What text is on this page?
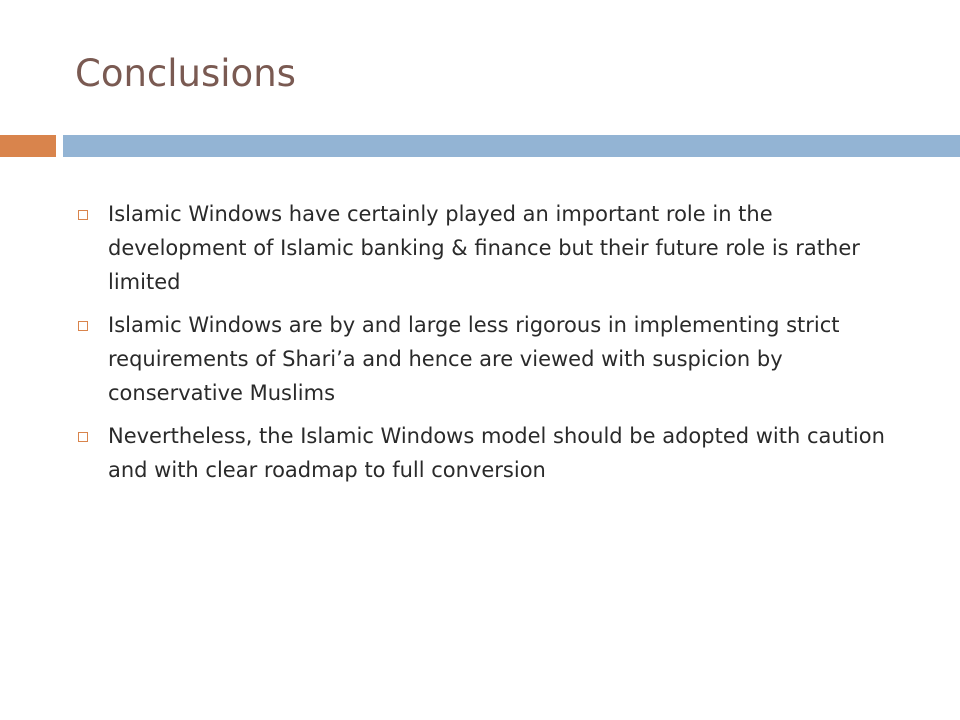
Conclusions
Islamic Windows have certainly played an important role in the development of Islamic banking & finance but their future role is rather limited
Islamic Windows are by and large less rigorous in implementing strict requirements of Shari’a and hence are viewed with suspicion by conservative Muslims
Nevertheless, the Islamic Windows model should be adopted with caution and with clear roadmap to full conversion
